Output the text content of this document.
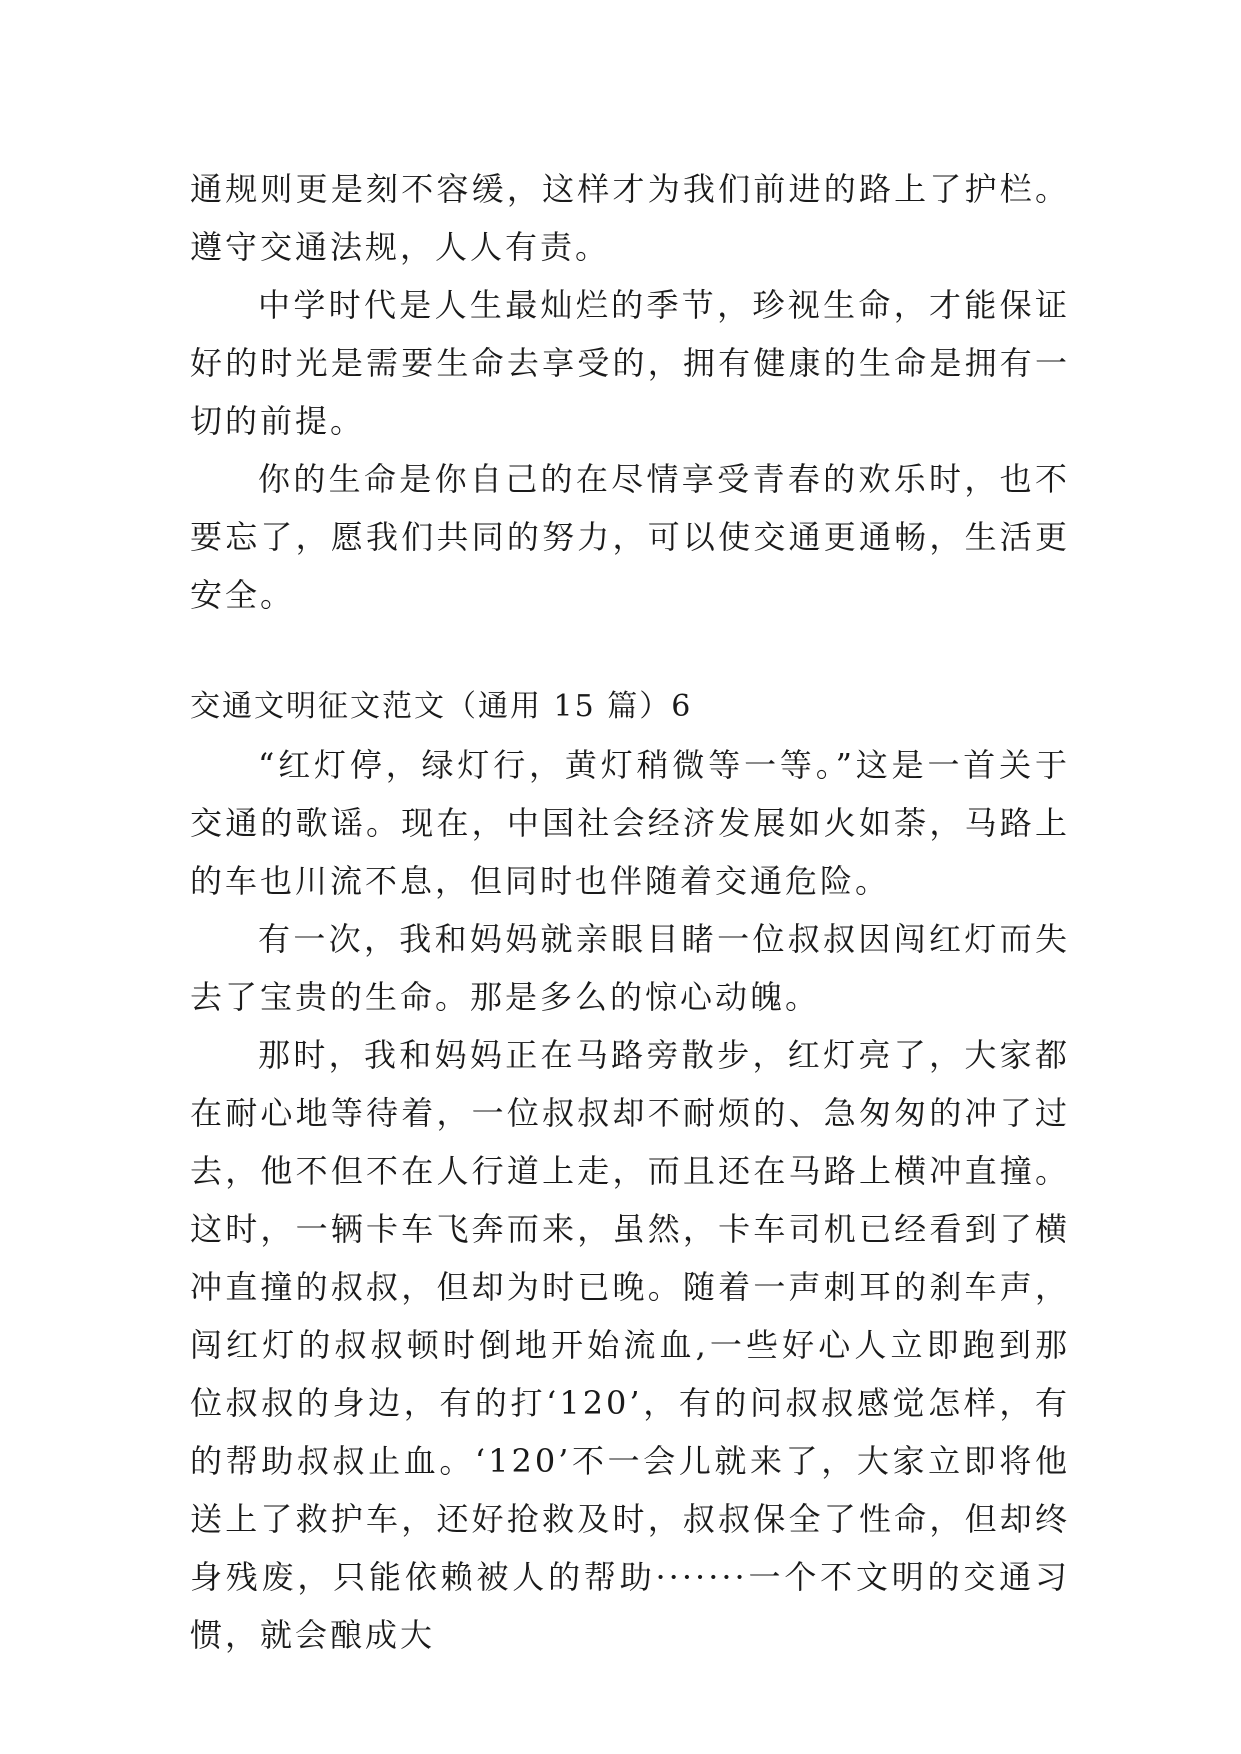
通规则更是刻不容缓，这样才为我们前进的路上了护栏。遵守交通法规，人人有责。

中学时代是人生最灿烂的季节，珍视生命，才能保证好的时光是需要生命去享受的，拥有健康的生命是拥有一切的前提。

你的生命是你自己的在尽情享受青春的欢乐时，也不要忘了，愿我们共同的努力，可以使交通更通畅，生活更安全。

交通文明征文范文（通用 15 篇）6

“红灯停，绿灯行，黄灯稍微等一等。”这是一首关于交通的歌谣。现在，中国社会经济发展如火如荼，马路上的车也川流不息，但同时也伴随着交通危险。

有一次，我和妈妈就亲眼目睹一位叔叔因闯红灯而失去了宝贵的生命。那是多么的惊心动魄。

那时，我和妈妈正在马路旁散步，红灯亮了，大家都在耐心地等待着，一位叔叔却不耐烦的、急匆匆的冲了过去，他不但不在人行道上走，而且还在马路上横冲直撞。这时，一辆卡车飞奔而来，虽然，卡车司机已经看到了横冲直撞的叔叔，但却为时已晚。随着一声刺耳的刹车声，闯红灯的叔叔顿时倒地开始流血,一些好心人立即跑到那位叔叔的身边，有的打‘120’，有的问叔叔感觉怎样，有的帮助叔叔止血。‘120’不一会儿就来了，大家立即将他送上了救护车，还好抢救及时，叔叔保全了性命，但却终身残废，只能依赖被人的帮助·······一个不文明的交通习惯，就会酿成大
